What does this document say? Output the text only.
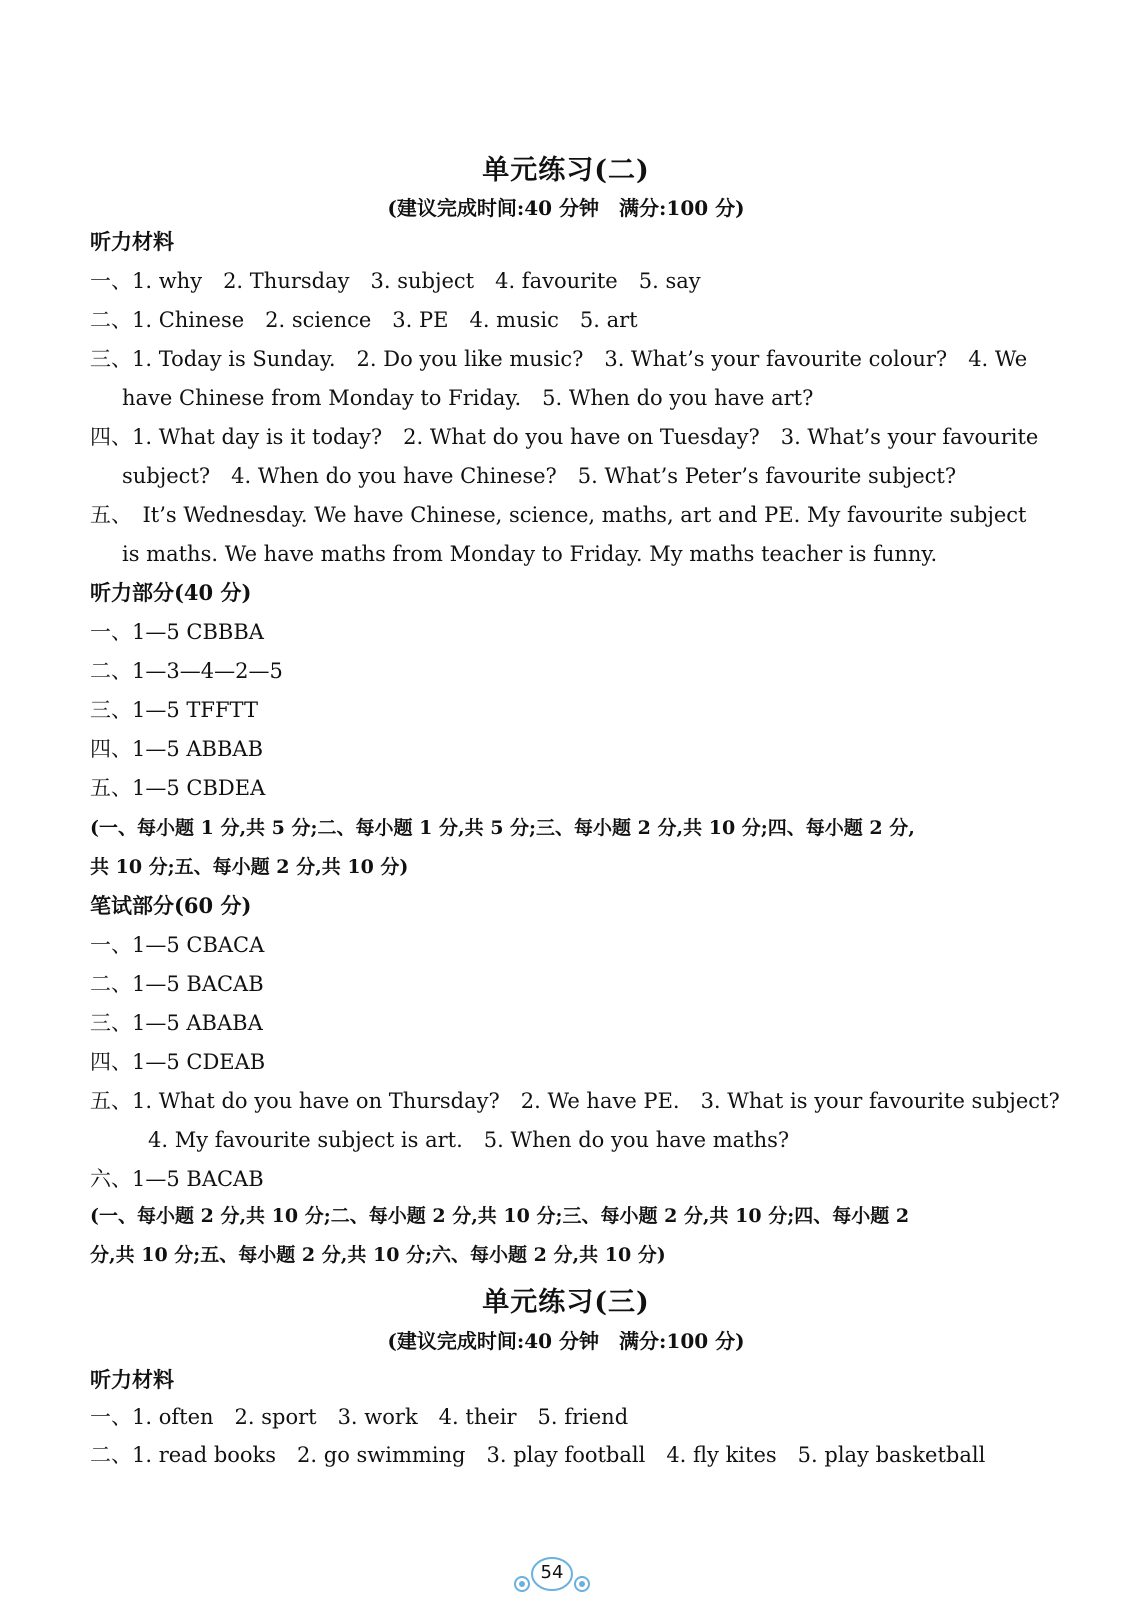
单元练习(二)
(建议完成时间:40 分钟　满分:100 分)
听力材料
一、1. why　2. Thursday　3. subject　4. favourite　5. say
二、1. Chinese　2. science　3. PE　4. music　5. art
三、1. Today is Sunday.　2. Do you like music?　3. What’s your favourite colour?　4. We
have Chinese from Monday to Friday.　5. When do you have art?
四、1. What day is it today?　2. What do you have on Tuesday?　3. What’s your favourite
subject?　4. When do you have Chinese?　5. What’s Peter’s favourite subject?
五、　It’s Wednesday. We have Chinese, science, maths, art and PE. My favourite subject
is maths. We have maths from Monday to Friday. My maths teacher is funny.
听力部分(40 分)
一、1—5 CBBBA
二、1—3—4—2—5
三、1—5 TFFTT
四、1—5 ABBAB
五、1—5 CBDEA
(一、每小题 1 分,共 5 分;二、每小题 1 分,共 5 分;三、每小题 2 分,共 10 分;四、每小题 2 分,
共 10 分;五、每小题 2 分,共 10 分)
笔试部分(60 分)
一、1—5 CBACA
二、1—5 BACAB
三、1—5 ABABA
四、1—5 CDEAB
五、1. What do you have on Thursday?　2. We have PE.　3. What is your favourite subject?
4. My favourite subject is art.　5. When do you have maths?
六、1—5 BACAB
(一、每小题 2 分,共 10 分;二、每小题 2 分,共 10 分;三、每小题 2 分,共 10 分;四、每小题 2
分,共 10 分;五、每小题 2 分,共 10 分;六、每小题 2 分,共 10 分)
单元练习(三)
(建议完成时间:40 分钟　满分:100 分)
听力材料
一、1. often　2. sport　3. work　4. their　5. friend
二、1. read books　2. go swimming　3. play football　4. fly kites　5. play basketball
54
